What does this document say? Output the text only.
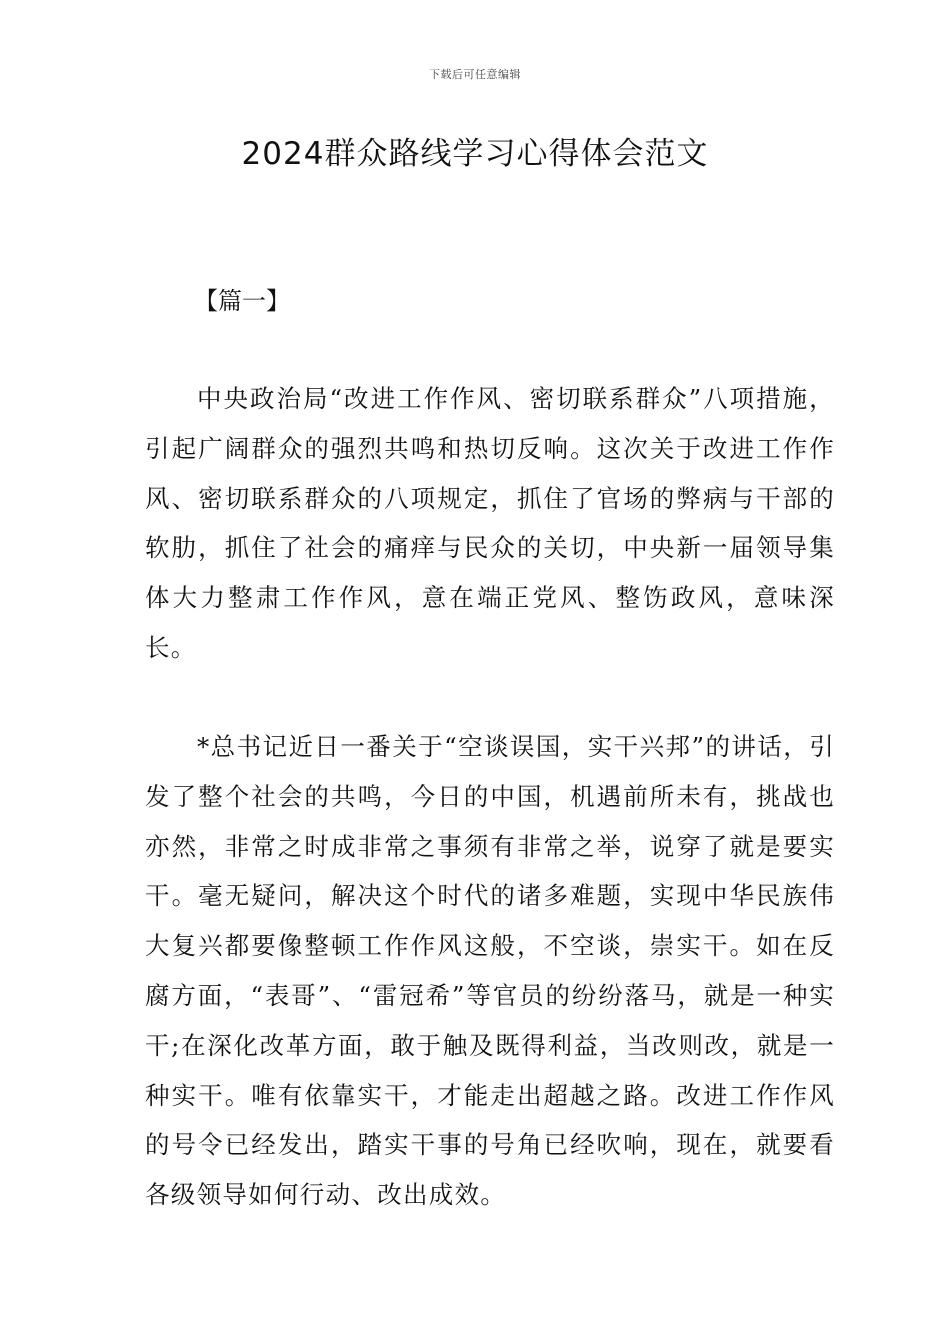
下载后可任意编辑
2024群众路线学习心得体会范文

【篇一】

中央政治局“改进工作作风、密切联系群众”八项措施，引起广阔群众的强烈共鸣和热切反响。这次关于改进工作作风、密切联系群众的八项规定，抓住了官场的弊病与干部的软肋，抓住了社会的痛痒与民众的关切，中央新一届领导集体大力整肃工作作风，意在端正党风、整饬政风，意味深长。

*总书记近日一番关于“空谈误国，实干兴邦”的讲话，引发了整个社会的共鸣，今日的中国，机遇前所未有，挑战也亦然，非常之时成非常之事须有非常之举，说穿了就是要实干。毫无疑问，解决这个时代的诸多难题，实现中华民族伟大复兴都要像整顿工作作风这般，不空谈，崇实干。如在反腐方面，“表哥”、“雷冠希”等官员的纷纷落马，就是一种实干;在深化改革方面，敢于触及既得利益，当改则改，就是一种实干。唯有依靠实干，才能走出超越之路。改进工作作风的号令已经发出，踏实干事的号角已经吹响，现在，就要看各级领导如何行动、改出成效。
